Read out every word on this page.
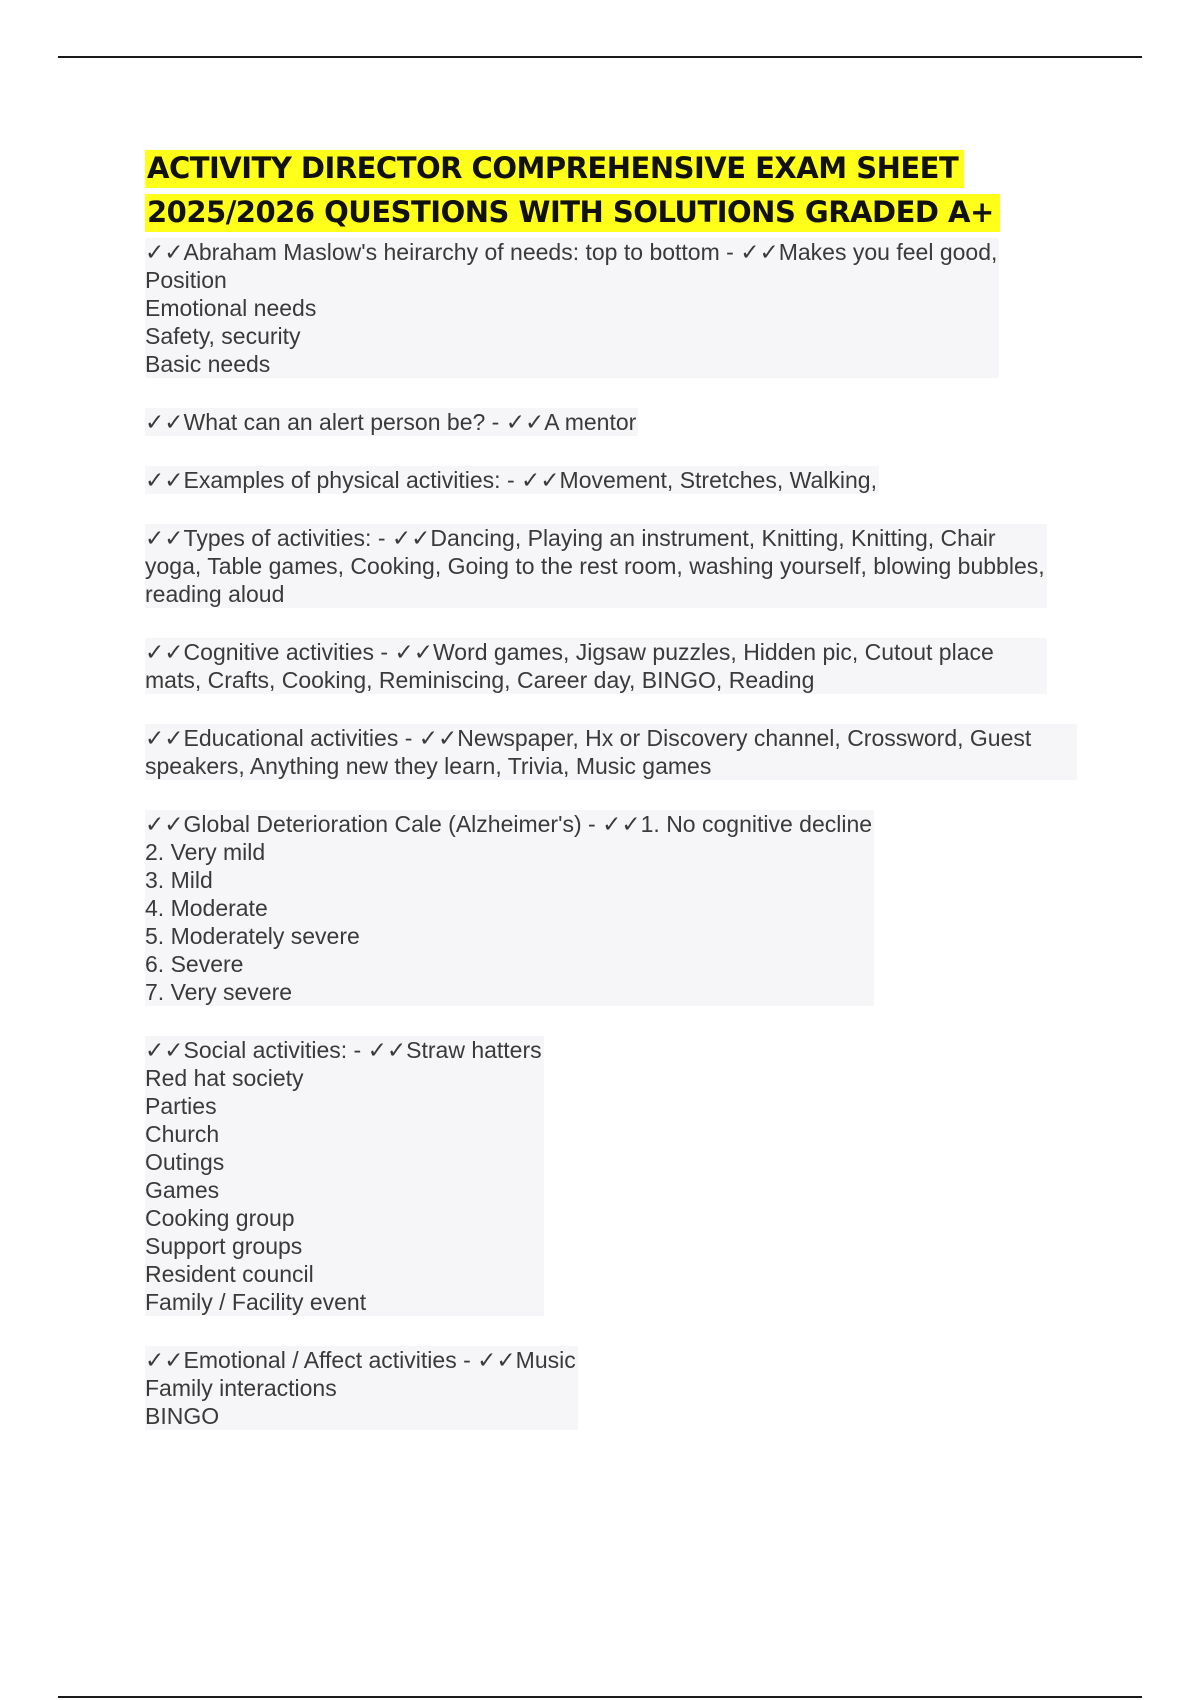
ACTIVITY DIRECTOR COMPREHENSIVE EXAM SHEET
2025/2026 QUESTIONS WITH SOLUTIONS GRADED A+
✓✓Abraham Maslow's heirarchy of needs: top to bottom - ✓✓Makes you feel good,
Position
Emotional needs
Safety, security
Basic needs
✓✓What can an alert person be? - ✓✓A mentor
✓✓Examples of physical activities: - ✓✓Movement, Stretches, Walking,
✓✓Types of activities: - ✓✓Dancing, Playing an instrument, Knitting, Knitting, Chair yoga, Table games, Cooking, Going to the rest room, washing yourself, blowing bubbles, reading aloud
✓✓Cognitive activities - ✓✓Word games, Jigsaw puzzles, Hidden pic, Cutout place mats, Crafts, Cooking, Reminiscing, Career day, BINGO, Reading
✓✓Educational activities - ✓✓Newspaper, Hx or Discovery channel, Crossword, Guest speakers, Anything new they learn, Trivia, Music games
✓✓Global Deterioration Cale (Alzheimer's) - ✓✓1. No cognitive decline
2. Very mild
3. Mild
4. Moderate
5. Moderately severe
6. Severe
7. Very severe
✓✓Social activities: - ✓✓Straw hatters
Red hat society
Parties
Church
Outings
Games
Cooking group
Support groups
Resident council
Family / Facility event
✓✓Emotional / Affect activities - ✓✓Music
Family interactions
BINGO
